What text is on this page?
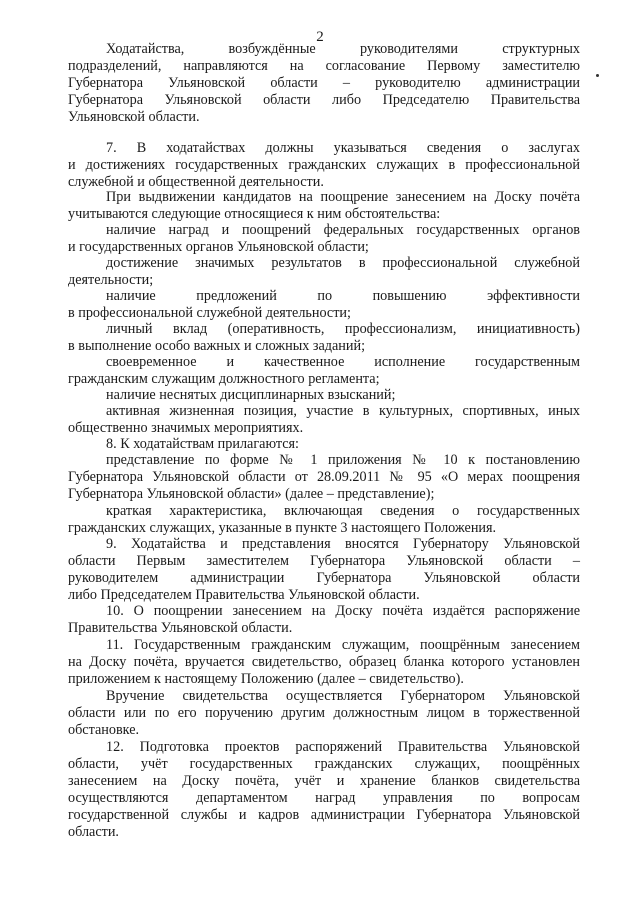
2
Ходатайства, возбуждённые руководителями структурных
подразделений, направляются на согласование Первому заместителю
Губернатора Ульяновской области – руководителю администрации
Губернатора Ульяновской области либо Председателю Правительства
Ульяновской области.
7. В ходатайствах должны указываться сведения о заслугах
и достижениях государственных гражданских служащих в профессиональной
служебной и общественной деятельности.
При выдвижении кандидатов на поощрение занесением на Доску почёта
учитываются следующие относящиеся к ним обстоятельства:
наличие наград и поощрений федеральных государственных органов
и государственных органов Ульяновской области;
достижение значимых результатов в профессиональной служебной
деятельности;
наличие предложений по повышению эффективности
в профессиональной служебной деятельности;
личный вклад (оперативность, профессионализм, инициативность)
в выполнение особо важных и сложных заданий;
своевременное и качественное исполнение государственным
гражданским служащим должностного регламента;
наличие неснятых дисциплинарных взысканий;
активная жизненная позиция, участие в культурных, спортивных, иных
общественно значимых мероприятиях.
8. К ходатайствам прилагаются:
представление по форме № 1 приложения № 10 к постановлению
Губернатора Ульяновской области от 28.09.2011 № 95 «О мерах поощрения
Губернатора Ульяновской области» (далее – представление);
краткая характеристика, включающая сведения о государственных
гражданских служащих, указанные в пункте 3 настоящего Положения.
9. Ходатайства и представления вносятся Губернатору Ульяновской
области Первым заместителем Губернатора Ульяновской области –
руководителем администрации Губернатора Ульяновской области
либо Председателем Правительства Ульяновской области.
10. О поощрении занесением на Доску почёта издаётся распоряжение
Правительства Ульяновской области.
11. Государственным гражданским служащим, поощрённым занесением
на Доску почёта, вручается свидетельство, образец бланка которого установлен
приложением к настоящему Положению (далее – свидетельство).
Вручение свидетельства осуществляется Губернатором Ульяновской
области или по его поручению другим должностным лицом в торжественной
обстановке.
12. Подготовка проектов распоряжений Правительства Ульяновской
области, учёт государственных гражданских служащих, поощрённых
занесением на Доску почёта, учёт и хранение бланков свидетельства
осуществляются департаментом наград управления по вопросам
государственной службы и кадров администрации Губернатора Ульяновской
области.
